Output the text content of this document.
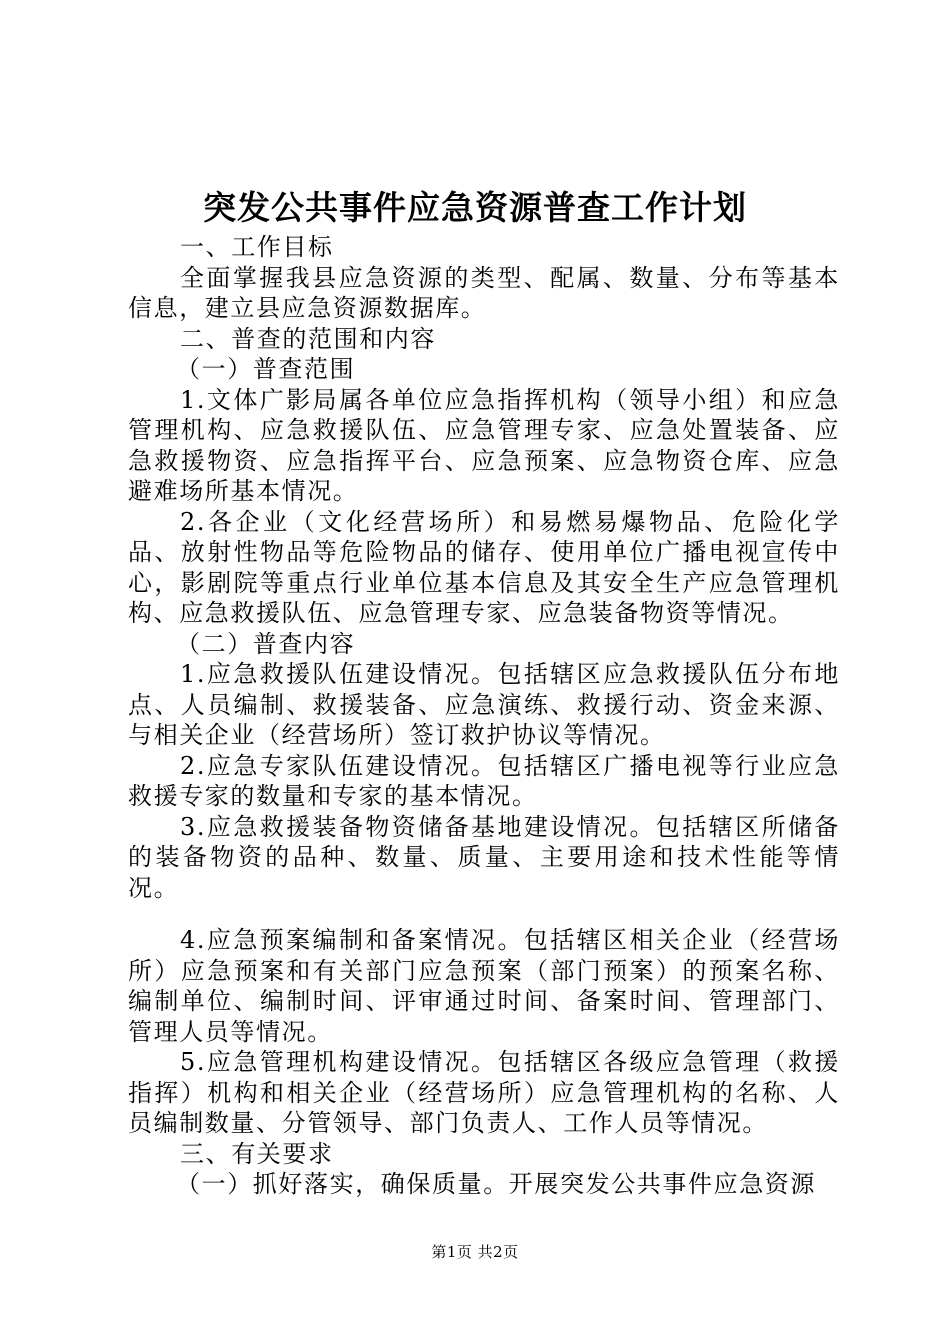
突发公共事件应急资源普查工作计划

一、工作目标

全面掌握我县应急资源的类型、配属、数量、分布等基本信息，建立县应急资源数据库。

二、普查的范围和内容

（一）普查范围

1.文体广影局属各单位应急指挥机构（领导小组）和应急管理机构、应急救援队伍、应急管理专家、应急处置装备、应急救援物资、应急指挥平台、应急预案、应急物资仓库、应急避难场所基本情况。

2.各企业（文化经营场所）和易燃易爆物品、危险化学品、放射性物品等危险物品的储存、使用单位广播电视宣传中心，影剧院等重点行业单位基本信息及其安全生产应急管理机构、应急救援队伍、应急管理专家、应急装备物资等情况。

（二）普查内容

1.应急救援队伍建设情况。包括辖区应急救援队伍分布地点、人员编制、救援装备、应急演练、救援行动、资金来源、与相关企业（经营场所）签订救护协议等情况。

2.应急专家队伍建设情况。包括辖区广播电视等行业应急救援专家的数量和专家的基本情况。

3.应急救援装备物资储备基地建设情况。包括辖区所储备的装备物资的品种、数量、质量、主要用途和技术性能等情况。

4.应急预案编制和备案情况。包括辖区相关企业（经营场所）应急预案和有关部门应急预案（部门预案）的预案名称、编制单位、编制时间、评审通过时间、备案时间、管理部门、管理人员等情况。

5.应急管理机构建设情况。包括辖区各级应急管理（救援指挥）机构和相关企业（经营场所）应急管理机构的名称、人员编制数量、分管领导、部门负责人、工作人员等情况。

三、有关要求

（一）抓好落实，确保质量。开展突发公共事件应急资源

第1页 共2页
